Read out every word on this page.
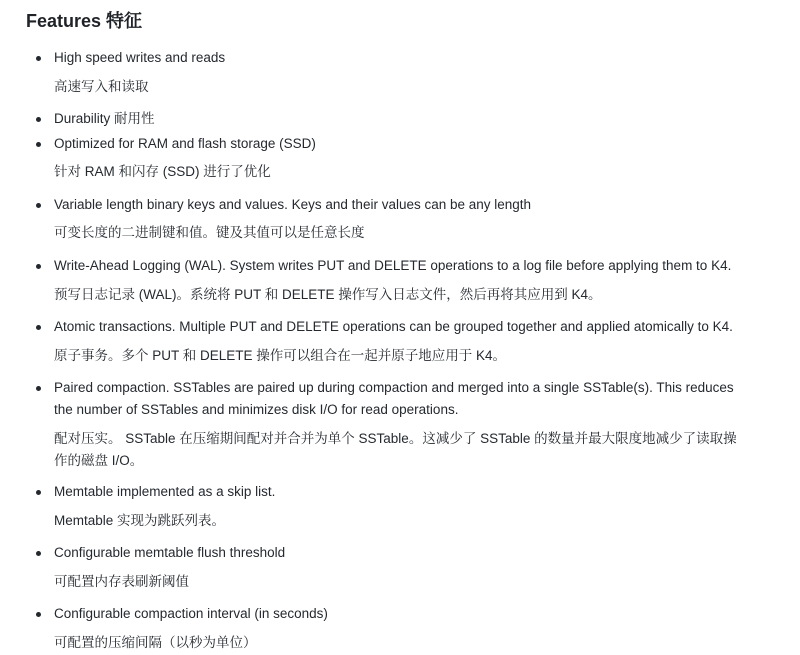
Features 特征
High speed writes and reads
高速写入和读取
Durability 耐用性
Optimized for RAM and flash storage (SSD)
针对 RAM 和闪存 (SSD) 进行了优化
Variable length binary keys and values. Keys and their values can be any length
可变长度的二进制键和值。键及其值可以是任意长度
Write-Ahead Logging (WAL). System writes PUT and DELETE operations to a log file before applying them to K4.
预写日志记录 (WAL)。系统将 PUT 和 DELETE 操作写入日志文件，然后再将其应用到 K4。
Atomic transactions. Multiple PUT and DELETE operations can be grouped together and applied atomically to K4.
原子事务。多个 PUT 和 DELETE 操作可以组合在一起并原子地应用于 K4。
Paired compaction. SSTables are paired up during compaction and merged into a single SSTable(s). This reduces
the number of SSTables and minimizes disk I/O for read operations.
配对压实。 SSTable 在压缩期间配对并合并为单个 SSTable。这减少了 SSTable 的数量并最大限度地减少了读取操
作的磁盘 I/O。
Memtable implemented as a skip list.
Memtable 实现为跳跃列表。
Configurable memtable flush threshold
可配置内存表刷新阈值
Configurable compaction interval (in seconds)
可配置的压缩间隔（以秒为单位）
